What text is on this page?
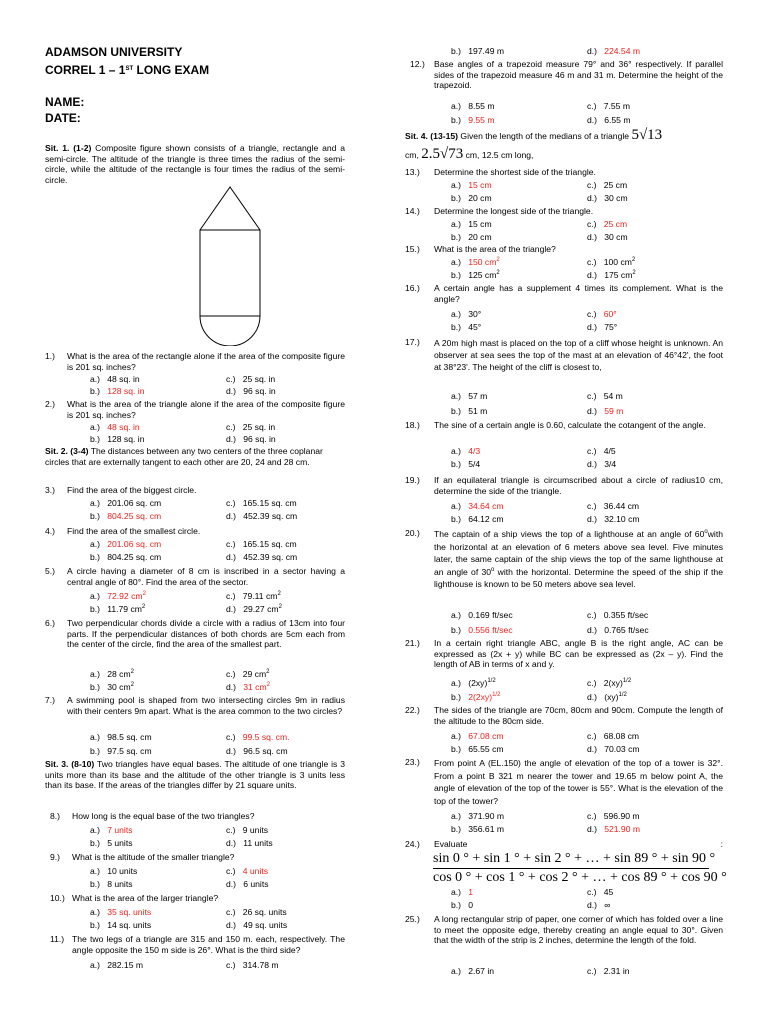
ADAMSON UNIVERSITY
CORREL 1 – 1ST LONG EXAM
NAME:
DATE:
Sit. 1. (1-2) Composite figure shown consists of a triangle, rectangle and a semi-circle. The altitude of the triangle is three times the radius of the semi-circle, while the altitude of the rectangle is four times the radius of the semi-circle.
1.) What is the area of the rectangle alone if the area of the composite figure is 201 sq. inches?
a.) 48 sq. in	c.) 25 sq. in
b.) 128 sq. in	d.) 96 sq. in
2.) What is the area of the triangle alone if the area of the composite figure is 201 sq. inches?
a.) 48 sq. in	c.) 25 sq. in
b.) 128 sq. in	d.) 96 sq. in
Sit. 2. (3-4) The distances between any two centers of the three coplanar circles that are externally tangent to each other are 20, 24 and 28 cm.
3.) Find the area of the biggest circle.
a.) 201.06 sq. cm	c.) 165.15 sq. cm
b.) 804.25 sq. cm	d.) 452.39 sq. cm
4.) Find the area of the smallest circle.
a.) 201.06 sq. cm	c.) 165.15 sq. cm
b.) 804.25 sq. cm	d.) 452.39 sq. cm
5.) A circle having a diameter of 8 cm is inscribed in a sector having a central angle of 80°. Find the area of the sector.
a.) 72.92 $cm^2$	c.) 79.11 $cm^2$
b.) 11.79 $cm^2$	d.) 29.27 $cm^2$
6.) Two perpendicular chords divide a circle with a radius of 13cm into four parts. If the perpendicular distances of both chords are 5cm each from the center of the circle, find the area of the smallest part.
a.) 28 $cm^2$	c.) 29 $cm^2$
b.) 30 $cm^2$	d.) 31 $cm^2$
7.) A swimming pool is shaped from two intersecting circles 9m in radius with their centers 9m apart. What is the area common to the two circles?
a.) 98.5 sq. cm	c.) 99.5 sq. cm.
b.) 97.5 sq. cm	d.) 96.5 sq. cm
Sit. 3. (8-10) Two triangles have equal bases. The altitude of one triangle is 3 units more than its base and the altitude of the other triangle is 3 units less than its base. If the areas of the triangles differ by 21 square units.
8.) How long is the equal base of the two triangles?
a.) 7 units	c.) 9 units
b.) 5 units	d.) 11 units
9.) What is the altitude of the smaller triangle?
a.) 10 units	c.) 4 units
b.) 8 units	d.) 6 units
10.) What is the area of the larger triangle?
a.) 35 sq. units	c.) 26 sq. units
b.) 14 sq. units	d.) 49 sq. units
11.) The two legs of a triangle are 315 and 150 m. each, respectively. The angle opposite the 150 m side is 26°. What is the third side?
a.) 282.15 m	c.) 314.78 m
b.) 197.49 m	d.) 224.54 m
12.) Base angles of a trapezoid measure 79° and 36° respectively. If parallel sides of the trapezoid measure 46 m and 31 m. Determine the height of the trapezoid.
a.) 8.55 m	c.) 7.55 m
b.) 9.55 m	d.) 6.55 m
Sit. 4. (13-15) Given the length of the medians of a triangle 5√13
cm, 2.5√73 cm, 12.5 cm long,
13.) Determine the shortest side of the triangle.
a.) 15 cm	c.) 25 cm
b.) 20 cm	d.) 30 cm
14.) Determine the longest side of the triangle.
a.) 15 cm	c.) 25 cm
b.) 20 cm	d.) 30 cm
15.) What is the area of the triangle?
a.) 150 $cm^2$	c.) 100 $cm^2$
b.) 125 $cm^2$	d.) 175 $cm^2$
16.) A certain angle has a supplement 4 times its complement. What is the angle?
a.) 30°	c.) 60°
b.) 45°	d.) 75°
17.) A 20m high mast is placed on the top of a cliff whose height is unknown. An observer at sea sees the top of the mast at an elevation of 46°42', the foot at 38°23'. The height of the cliff is closest to,
a.) 57 m	c.) 54 m
b.) 51 m	d.) 59 m
18.) The sine of a certain angle is 0.60, calculate the cotangent of the angle.
a.) 4/3	c.) 4/5
b.) 5/4	d.) 3/4
19.) If an equilateral triangle is circumscribed about a circle of radius10 cm, determine the side of the triangle.
a.) 34.64 cm	c.) 36.44 cm
b.) 64.12 cm	d.) 32.10 cm
20.) The captain of a ship views the top of a lighthouse at an angle of 60$^o$with the horizontal at an elevation of 6 meters above sea level. Five minutes later, the same captain of the ship views the top of the same lighthouse at an angle of 30$^o$ with the horizontal. Determine the speed of the ship if the lighthouse is known to be 50 meters above sea level.
a.) 0.169 ft/sec	c.) 0.355 ft/sec
b.) 0.556 ft/sec	d.) 0.765 ft/sec
21.) In a certain right triangle ABC, angle B is the right angle, AC can be expressed as (2x + y) while BC can be expressed as (2x – y). Find the length of AB in terms of x and y.
a.) $(2xy)^{1/2}$	c.) 2(xy)$^{1/2}$
b.) $2(2xy)^{1/2}$	d.) (xy)$^{1/2}$
22.) The sides of the triangle are 70cm, 80cm and 90cm. Compute the length of the altitude to the 80cm side.
a.) 67.08 cm	c.) 68.08 cm
b.) 65.55 cm	d.) 70.03 cm
23.) From point A (EL.150) the angle of elevation of the top of a tower is 32°. From a point B 321 m nearer the tower and 19.65 m below point A, the angle of elevation of the top of the tower is 55°. What is the elevation of the top of the tower?
a.) 371.90 m	c.) 596.90 m
b.) 356.61 m	d.) 521.90 m
24.) Evaluate	:
sin 0 ° + sin 1 ° + sin 2 ° + … + sin 89 ° + sin 90 °
cos 0 ° + cos 1 ° + cos 2 ° + … + cos 89 ° + cos 90 °
a.) 1	c.) 45
b.) 0	d.) ∞
25.) A long rectangular strip of paper, one corner of which has folded over a line to meet the opposite edge, thereby creating an angle equal to 30°. Given that the width of the strip is 2 inches, determine the length of the fold.
a.) 2.67 in	c.) 2.31 in
